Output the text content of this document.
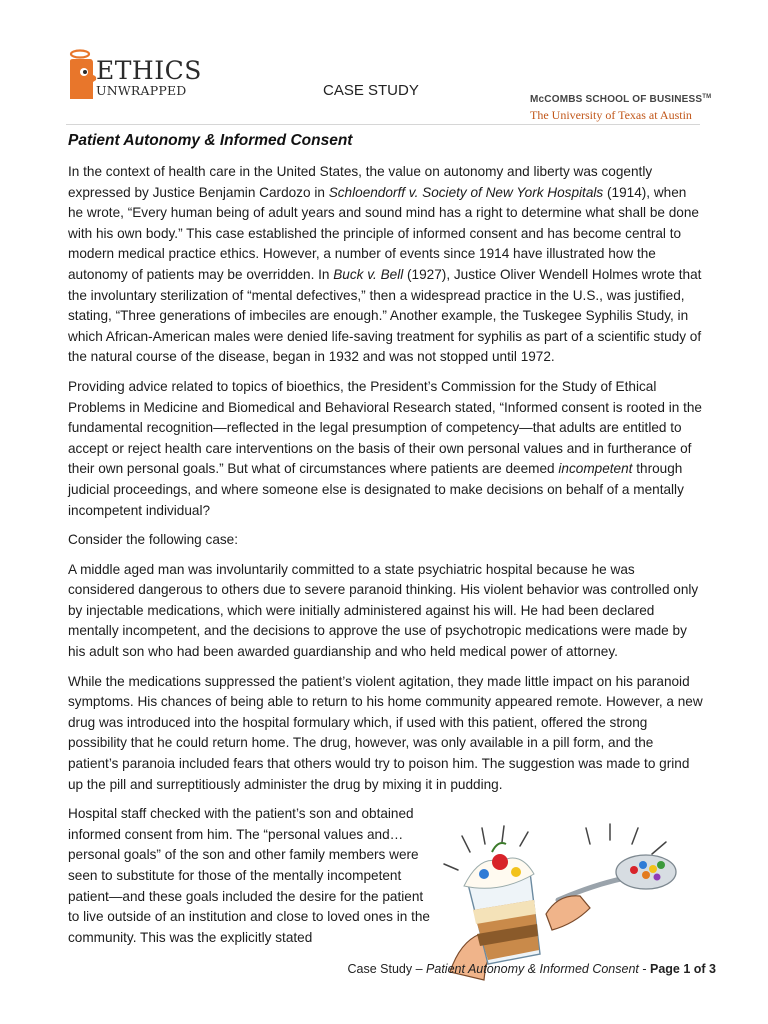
ETHICS
UNWRAPPED	CASE STUDY
McCOMBS SCHOOL OF BUSINESS™
The University of Texas at Austin
Patient Autonomy & Informed Consent

In the context of health care in the United States, the value on autonomy and liberty was cogently expressed by Justice Benjamin Cardozo in Schloendorff v. Society of New York Hospitals (1914), when he wrote, “Every human being of adult years and sound mind has a right to determine what shall be done with his own body.” This case established the principle of informed consent and has become central to modern medical practice ethics. However, a number of events since 1914 have illustrated how the autonomy of patients may be overridden. In Buck v. Bell (1927), Justice Oliver Wendell Holmes wrote that the involuntary sterilization of “mental defectives,” then a widespread practice in the U.S., was justified, stating, “Three generations of imbeciles are enough.” Another example, the Tuskegee Syphilis Study, in which African-American males were denied life-saving treatment for syphilis as part of a scientific study of the natural course of the disease, began in 1932 and was not stopped until 1972.

Providing advice related to topics of bioethics, the President’s Commission for the Study of Ethical Problems in Medicine and Biomedical and Behavioral Research stated, “Informed consent is rooted in the fundamental recognition—reflected in the legal presumption of competency—that adults are entitled to accept or reject health care interventions on the basis of their own personal values and in furtherance of their own personal goals.” But what of circumstances where patients are deemed incompetent through judicial proceedings, and where someone else is designated to make decisions on behalf of a mentally incompetent individual?

Consider the following case:

A middle aged man was involuntarily committed to a state psychiatric hospital because he was considered dangerous to others due to severe paranoid thinking. His violent behavior was controlled only by injectable medications, which were initially administered against his will. He had been declared mentally incompetent, and the decisions to approve the use of psychotropic medications were made by his adult son who had been awarded guardianship and who held medical power of attorney.

While the medications suppressed the patient’s violent agitation, they made little impact on his paranoid symptoms. His chances of being able to return to his home community appeared remote. However, a new drug was introduced into the hospital formulary which, if used with this patient, offered the strong possibility that he could return home. The drug, however, was only available in a pill form, and the patient’s paranoia included fears that others would try to poison him. The suggestion was made to grind up the pill and surreptitiously administer the drug by mixing it in pudding.

Hospital staff checked with the patient’s son and obtained informed consent from him. The “personal values and…personal goals” of the son and other family members were seen to substitute for those of the mentally incompetent patient—and these goals included the desire for the patient to live outside of an institution and close to loved ones in the community. This was the explicitly stated

Case Study – Patient Autonomy & Informed Consent - Page 1 of 3
